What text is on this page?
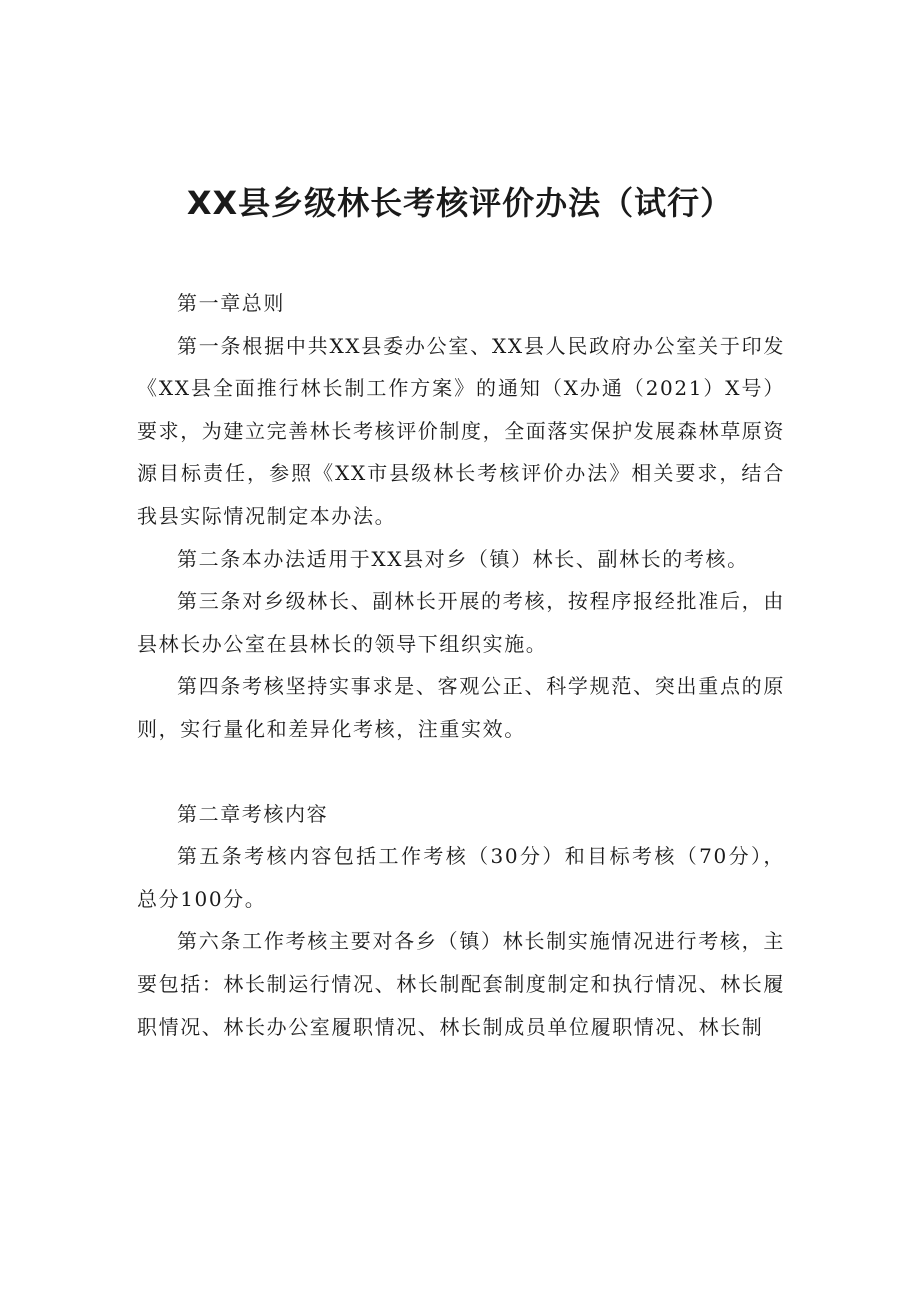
XX县乡级林长考核评价办法（试行）

第一章总则

第一条根据中共XX县委办公室、XX县人民政府办公室关于印发《XX县全面推行林长制工作方案》的通知（X办通（2021）X号）要求，为建立完善林长考核评价制度，全面落实保护发展森林草原资源目标责任，参照《XX市县级林长考核评价办法》相关要求，结合我县实际情况制定本办法。

第二条本办法适用于XX县对乡（镇）林长、副林长的考核。

第三条对乡级林长、副林长开展的考核，按程序报经批准后，由县林长办公室在县林长的领导下组织实施。

第四条考核坚持实事求是、客观公正、科学规范、突出重点的原则，实行量化和差异化考核，注重实效。

第二章考核内容

第五条考核内容包括工作考核（30分）和目标考核（70分），总分100分。

第六条工作考核主要对各乡（镇）林长制实施情况进行考核，主要包括：林长制运行情况、林长制配套制度制定和执行情况、林长履职情况、林长办公室履职情况、林长制成员单位履职情况、林长制
